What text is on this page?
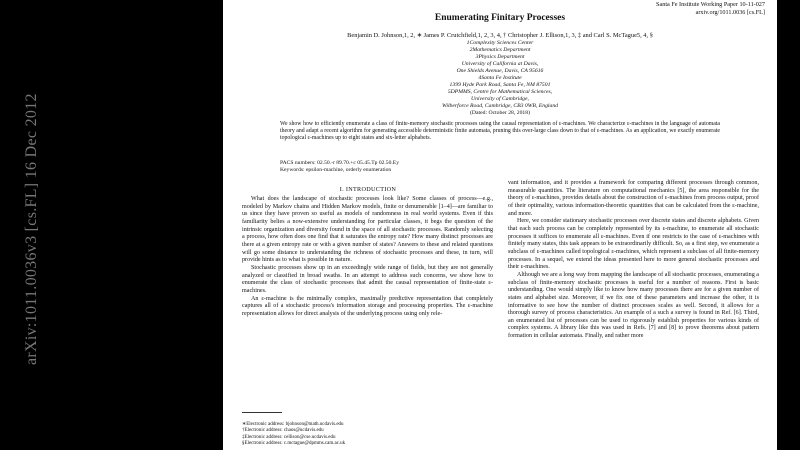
arXiv:1011.0036v3 [cs.FL] 16 Dec 2012
Santa Fe Institute Working Paper 10-11-027
arxiv.org/1011.0036 [cs.FL]
Enumerating Finitary Processes
Benjamin D. Johnson,1, 2, ∗ James P. Crutchfield,1, 2, 3, 4, † Christopher J. Ellison,1, 3, ‡ and Carl S. McTague5, 4, §
1Complexity Sciences Center
2Mathematics Department
3Physics Department
University of California at Davis,
One Shields Avenue, Davis, CA 95616
4Santa Fe Institute
1399 Hyde Park Road, Santa Fe, NM 87501
5DPMMS, Centre for Mathematical Sciences,
University of Cambridge,
Wilberforce Road, Cambridge, CB3 0WB, England
(Dated: October 28, 2018)
We show how to efficiently enumerate a class of finite-memory stochastic processes using the causal representation of ε-machines. We characterize ε-machines in the language of automata theory and adapt a recent algorithm for generating accessible deterministic finite automata, pruning this over-large class down to that of ε-machines. As an application, we exactly enumerate topological ε-machines up to eight states and six-letter alphabets.
PACS numbers: 02.50.-r 89.70.+c 05.45.Tp 02.50.Ey
Keywords: epsilon-machine, orderly enumeration
I. INTRODUCTION

What does the landscape of stochastic processes look like? Some classes of process—e.g., modeled by Markov chains and Hidden Markov models, finite or denumerable [1–4]—are familiar to us since they have proven so useful as models of randomness in real world systems. Even if this familiarity belies a now-extensive understanding for particular classes, it begs the question of the intrinsic organization and diversity found in the space of all stochastic processes. Randomly selecting a process, how often does one find that it saturates the entropy rate? How many distinct processes are there at a given entropy rate or with a given number of states? Answers to these and related questions will go some distance to understanding the richness of stochastic processes and these, in turn, will provide hints as to what is possible in nature.

Stochastic processes show up in an exceedingly wide range of fields, but they are not generally analyzed or classified in broad swaths. In an attempt to address such concerns, we show how to enumerate the class of stochastic processes that admit the causal representation of finite-state ε-machines.

An ε-machine is the minimally complex, maximally predictive representation that completely captures all of a stochastic process's information storage and processing properties. The ε-machine representation allows for direct analysis of the underlying process using only rele-

∗Electronic address: bjohnson@math.ucdavis.edu
†Electronic address: chaos@ucdavis.edu
‡Electronic address: cellison@cse.ucdavis.edu
§Electronic address: c.mctague@dpmms.cam.ac.uk

vant information, and it provides a framework for comparing different processes through common, measurable quantities. The literature on computational mechanics [5], the area responsible for the theory of ε-machines, provides details about the construction of ε-machines from process output, proof of their optimality, various information-theoretic quantities that can be calculated from the ε-machine, and more.

Here, we consider stationary stochastic processes over discrete states and discrete alphabets. Given that each such process can be completely represented by its ε-machine, to enumerate all stochastic processes it suffices to enumerate all ε-machines. Even if one restricts to the case of ε-machines with finitely many states, this task appears to be extraordinarily difficult. So, as a first step, we enumerate a subclass of ε-machines called topological ε-machines, which represent a subclass of all finite-memory processes. In a sequel, we extend the ideas presented here to more general stochastic processes and their ε-machines.

Although we are a long way from mapping the landscape of all stochastic processes, enumerating a subclass of finite-memory stochastic processes is useful for a number of reasons. First is basic understanding. One would simply like to know how many processes there are for a given number of states and alphabet size. Moreover, if we fix one of these parameters and increase the other, it is informative to see how the number of distinct processes scales as well. Second, it allows for a thorough survey of process characteristics. An example of a such a survey is found in Ref. [6]. Third, an enumerated list of processes can be used to rigorously establish properties for various kinds of complex systems. A library like this was used in Refs. [7] and [8] to prove theorems about pattern formation in cellular automata. Finally, and rather more
